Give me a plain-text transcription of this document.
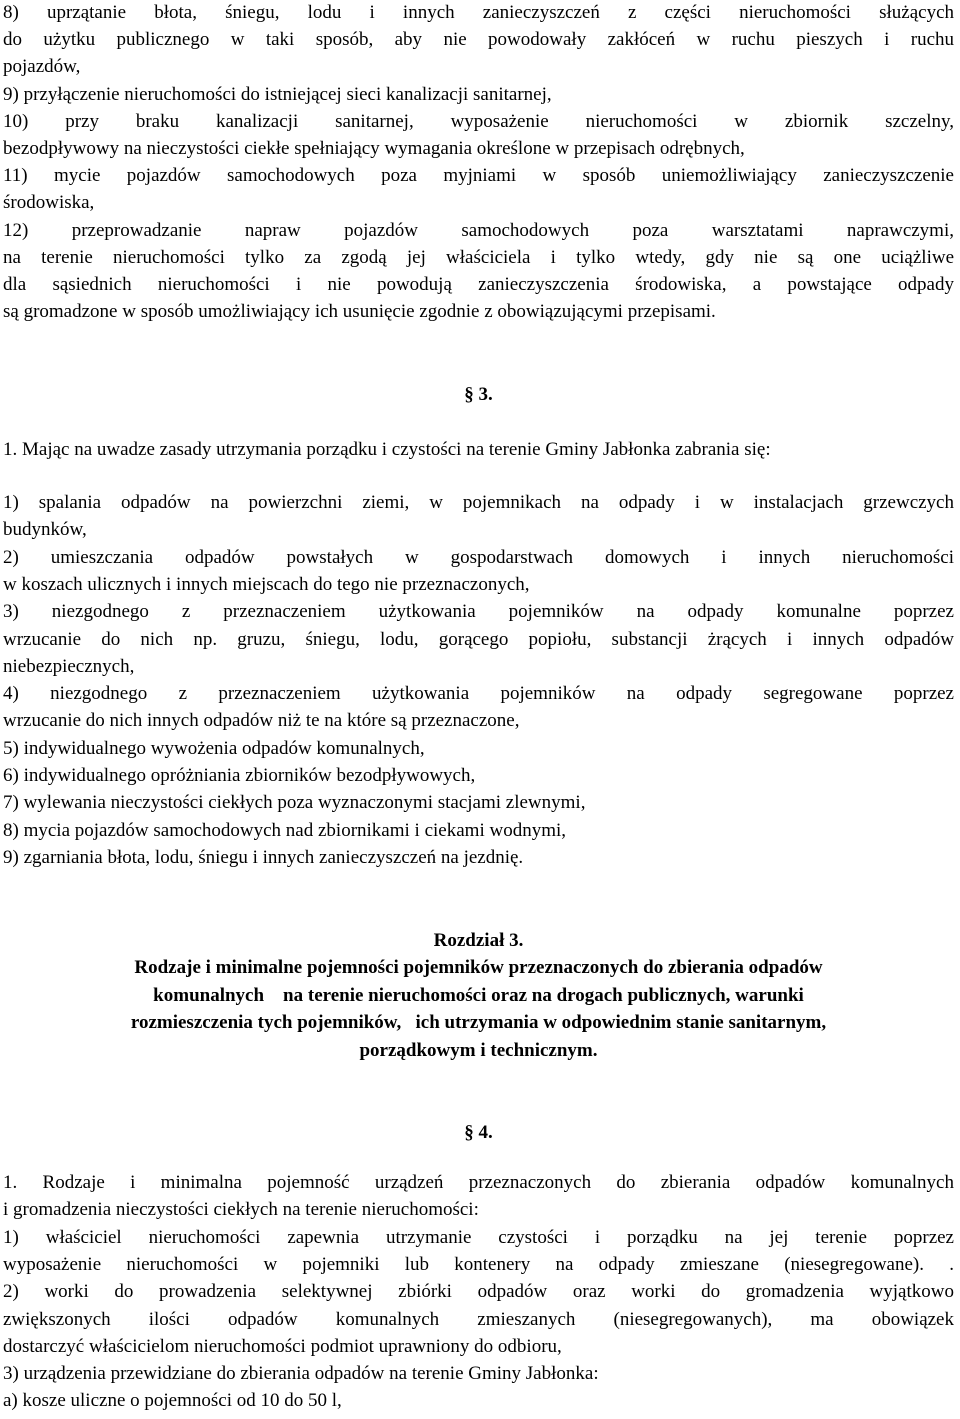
8) uprzątanie błota, śniegu, lodu i innych zanieczyszczeń z części nieruchomości służących
do użytku publicznego w taki sposób, aby nie powodowały zakłóceń w ruchu pieszych i ruchu
pojazdów,
9) przyłączenie nieruchomości do istniejącej sieci kanalizacji sanitarnej,
10) przy braku kanalizacji sanitarnej, wyposażenie nieruchomości w zbiornik szczelny,
bezodpływowy na nieczystości ciekłe spełniający wymagania określone w przepisach odrębnych,
11) mycie pojazdów samochodowych poza myjniami w sposób uniemożliwiający zanieczyszczenie
środowiska,
12) przeprowadzanie napraw pojazdów samochodowych poza warsztatami naprawczymi,
na terenie nieruchomości tylko za zgodą jej właściciela i tylko wtedy, gdy nie są one uciążliwe
dla sąsiednich nieruchomości i nie powodują zanieczyszczenia środowiska, a powstające odpady
są gromadzone w sposób umożliwiający ich usunięcie zgodnie z obowiązującymi przepisami.
§ 3.
1. Mając na uwadze zasady utrzymania porządku i czystości na terenie Gminy Jabłonka zabrania się:
1) spalania odpadów na powierzchni ziemi, w pojemnikach na odpady i w instalacjach grzewczych
budynków,
2) umieszczania odpadów powstałych w gospodarstwach domowych i innych nieruchomości
w koszach ulicznych i innych miejscach do tego nie przeznaczonych,
3) niezgodnego z przeznaczeniem użytkowania pojemników na odpady komunalne poprzez
wrzucanie do nich np. gruzu, śniegu, lodu, gorącego popiołu, substancji żrących i innych odpadów
niebezpiecznych,
4) niezgodnego z przeznaczeniem użytkowania pojemników na odpady segregowane poprzez
wrzucanie do nich innych odpadów niż te na które są przeznaczone,
5) indywidualnego wywożenia odpadów komunalnych,
6) indywidualnego opróżniania zbiorników bezodpływowych,
7) wylewania nieczystości ciekłych poza wyznaczonymi stacjami zlewnymi,
8) mycia pojazdów samochodowych nad zbiornikami i ciekami wodnymi,
9) zgarniania błota, lodu, śniegu i innych zanieczyszczeń na jezdnię.
Rozdział 3.
Rodzaje i minimalne pojemności pojemników przeznaczonych do zbierania odpadów
komunalnych    na terenie nieruchomości oraz na drogach publicznych, warunki
rozmieszczenia tych pojemników,   ich utrzymania w odpowiednim stanie sanitarnym,
porządkowym i technicznym.
§ 4.
1. Rodzaje i minimalna pojemność urządzeń przeznaczonych do zbierania odpadów komunalnych
i gromadzenia nieczystości ciekłych na terenie nieruchomości:
1) właściciel nieruchomości zapewnia utrzymanie czystości i porządku na jej terenie poprzez
wyposażenie nieruchomości w pojemniki lub kontenery na odpady zmieszane (niesegregowane). .
2) worki do prowadzenia selektywnej zbiórki odpadów oraz worki do gromadzenia wyjątkowo
zwiększonych ilości odpadów komunalnych zmieszanych (niesegregowanych), ma obowiązek
dostarczyć właścicielom nieruchomości podmiot uprawniony do odbioru,
3) urządzenia przewidziane do zbierania odpadów na terenie Gminy Jabłonka:
a) kosze uliczne o pojemności od 10 do 50 l,
